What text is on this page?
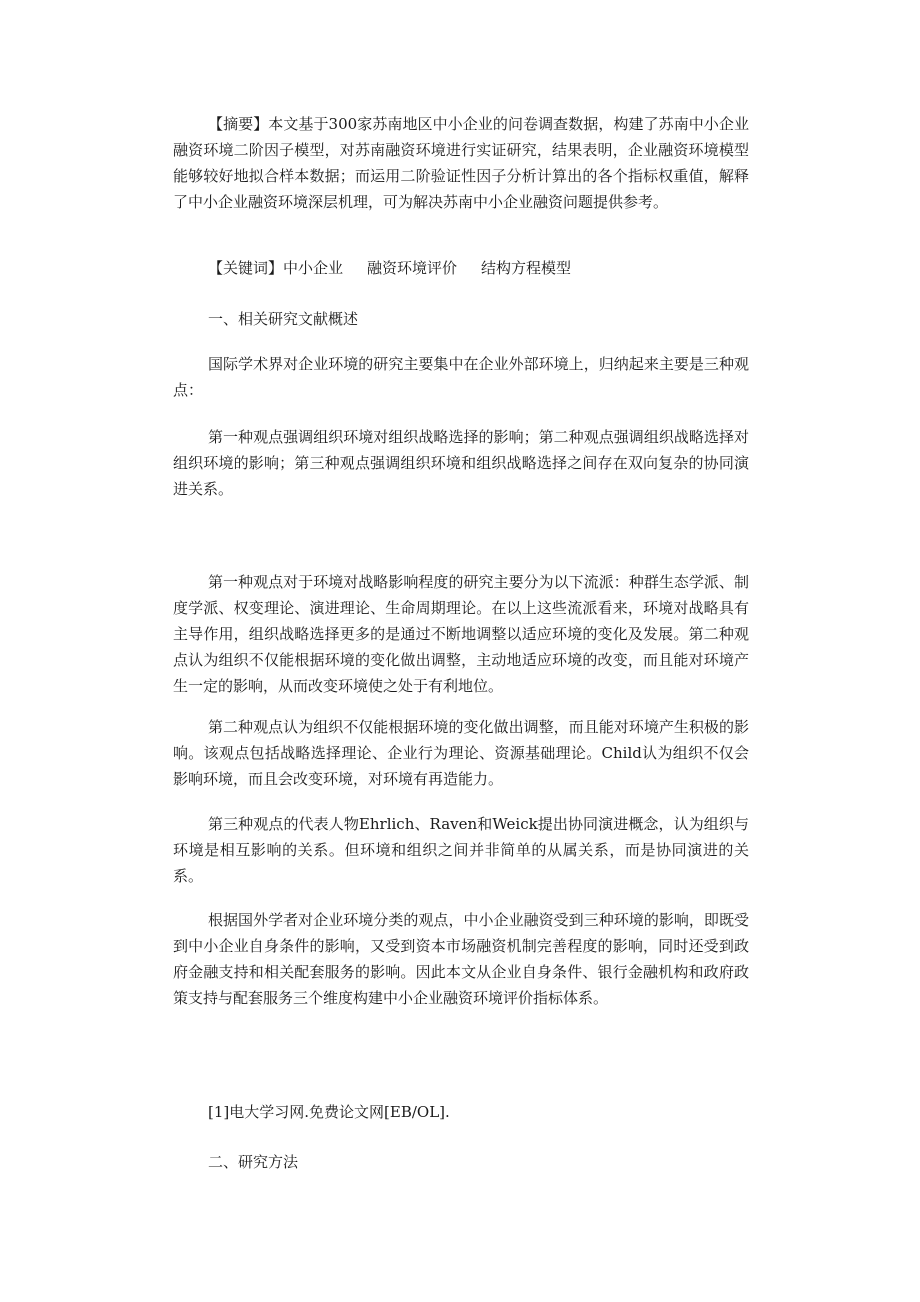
【摘要】本文基于300家苏南地区中小企业的问卷调查数据，构建了苏南中小企业融资环境二阶因子模型，对苏南融资环境进行实证研究，结果表明，企业融资环境模型能够较好地拟合样本数据；而运用二阶验证性因子分析计算出的各个指标权重值，解释了中小企业融资环境深层机理，可为解决苏南中小企业融资问题提供参考。

【关键词】中小企业 融资环境评价 结构方程模型

一、相关研究文献概述

国际学术界对企业环境的研究主要集中在企业外部环境上，归纳起来主要是三种观点：

第一种观点强调组织环境对组织战略选择的影响；第二种观点强调组织战略选择对组织环境的影响；第三种观点强调组织环境和组织战略选择之间存在双向复杂的协同演进关系。

第一种观点对于环境对战略影响程度的研究主要分为以下流派：种群生态学派、制度学派、权变理论、演进理论、生命周期理论。在以上这些流派看来，环境对战略具有主导作用，组织战略选择更多的是通过不断地调整以适应环境的变化及发展。第二种观点认为组织不仅能根据环境的变化做出调整，主动地适应环境的改变，而且能对环境产生一定的影响，从而改变环境使之处于有利地位。

第二种观点认为组织不仅能根据环境的变化做出调整，而且能对环境产生积极的影响。该观点包括战略选择理论、企业行为理论、资源基础理论。Child认为组织不仅会影响环境，而且会改变环境，对环境有再造能力。

第三种观点的代表人物Ehrlich、Raven和Weick提出协同演进概念，认为组织与环境是相互影响的关系。但环境和组织之间并非简单的从属关系，而是协同演进的关系。

根据国外学者对企业环境分类的观点，中小企业融资受到三种环境的影响，即既受到中小企业自身条件的影响，又受到资本市场融资机制完善程度的影响，同时还受到政府金融支持和相关配套服务的影响。因此本文从企业自身条件、银行金融机构和政府政策支持与配套服务三个维度构建中小企业融资环境评价指标体系。

[1]电大学习网.免费论文网[EB/OL].

二、研究方法
